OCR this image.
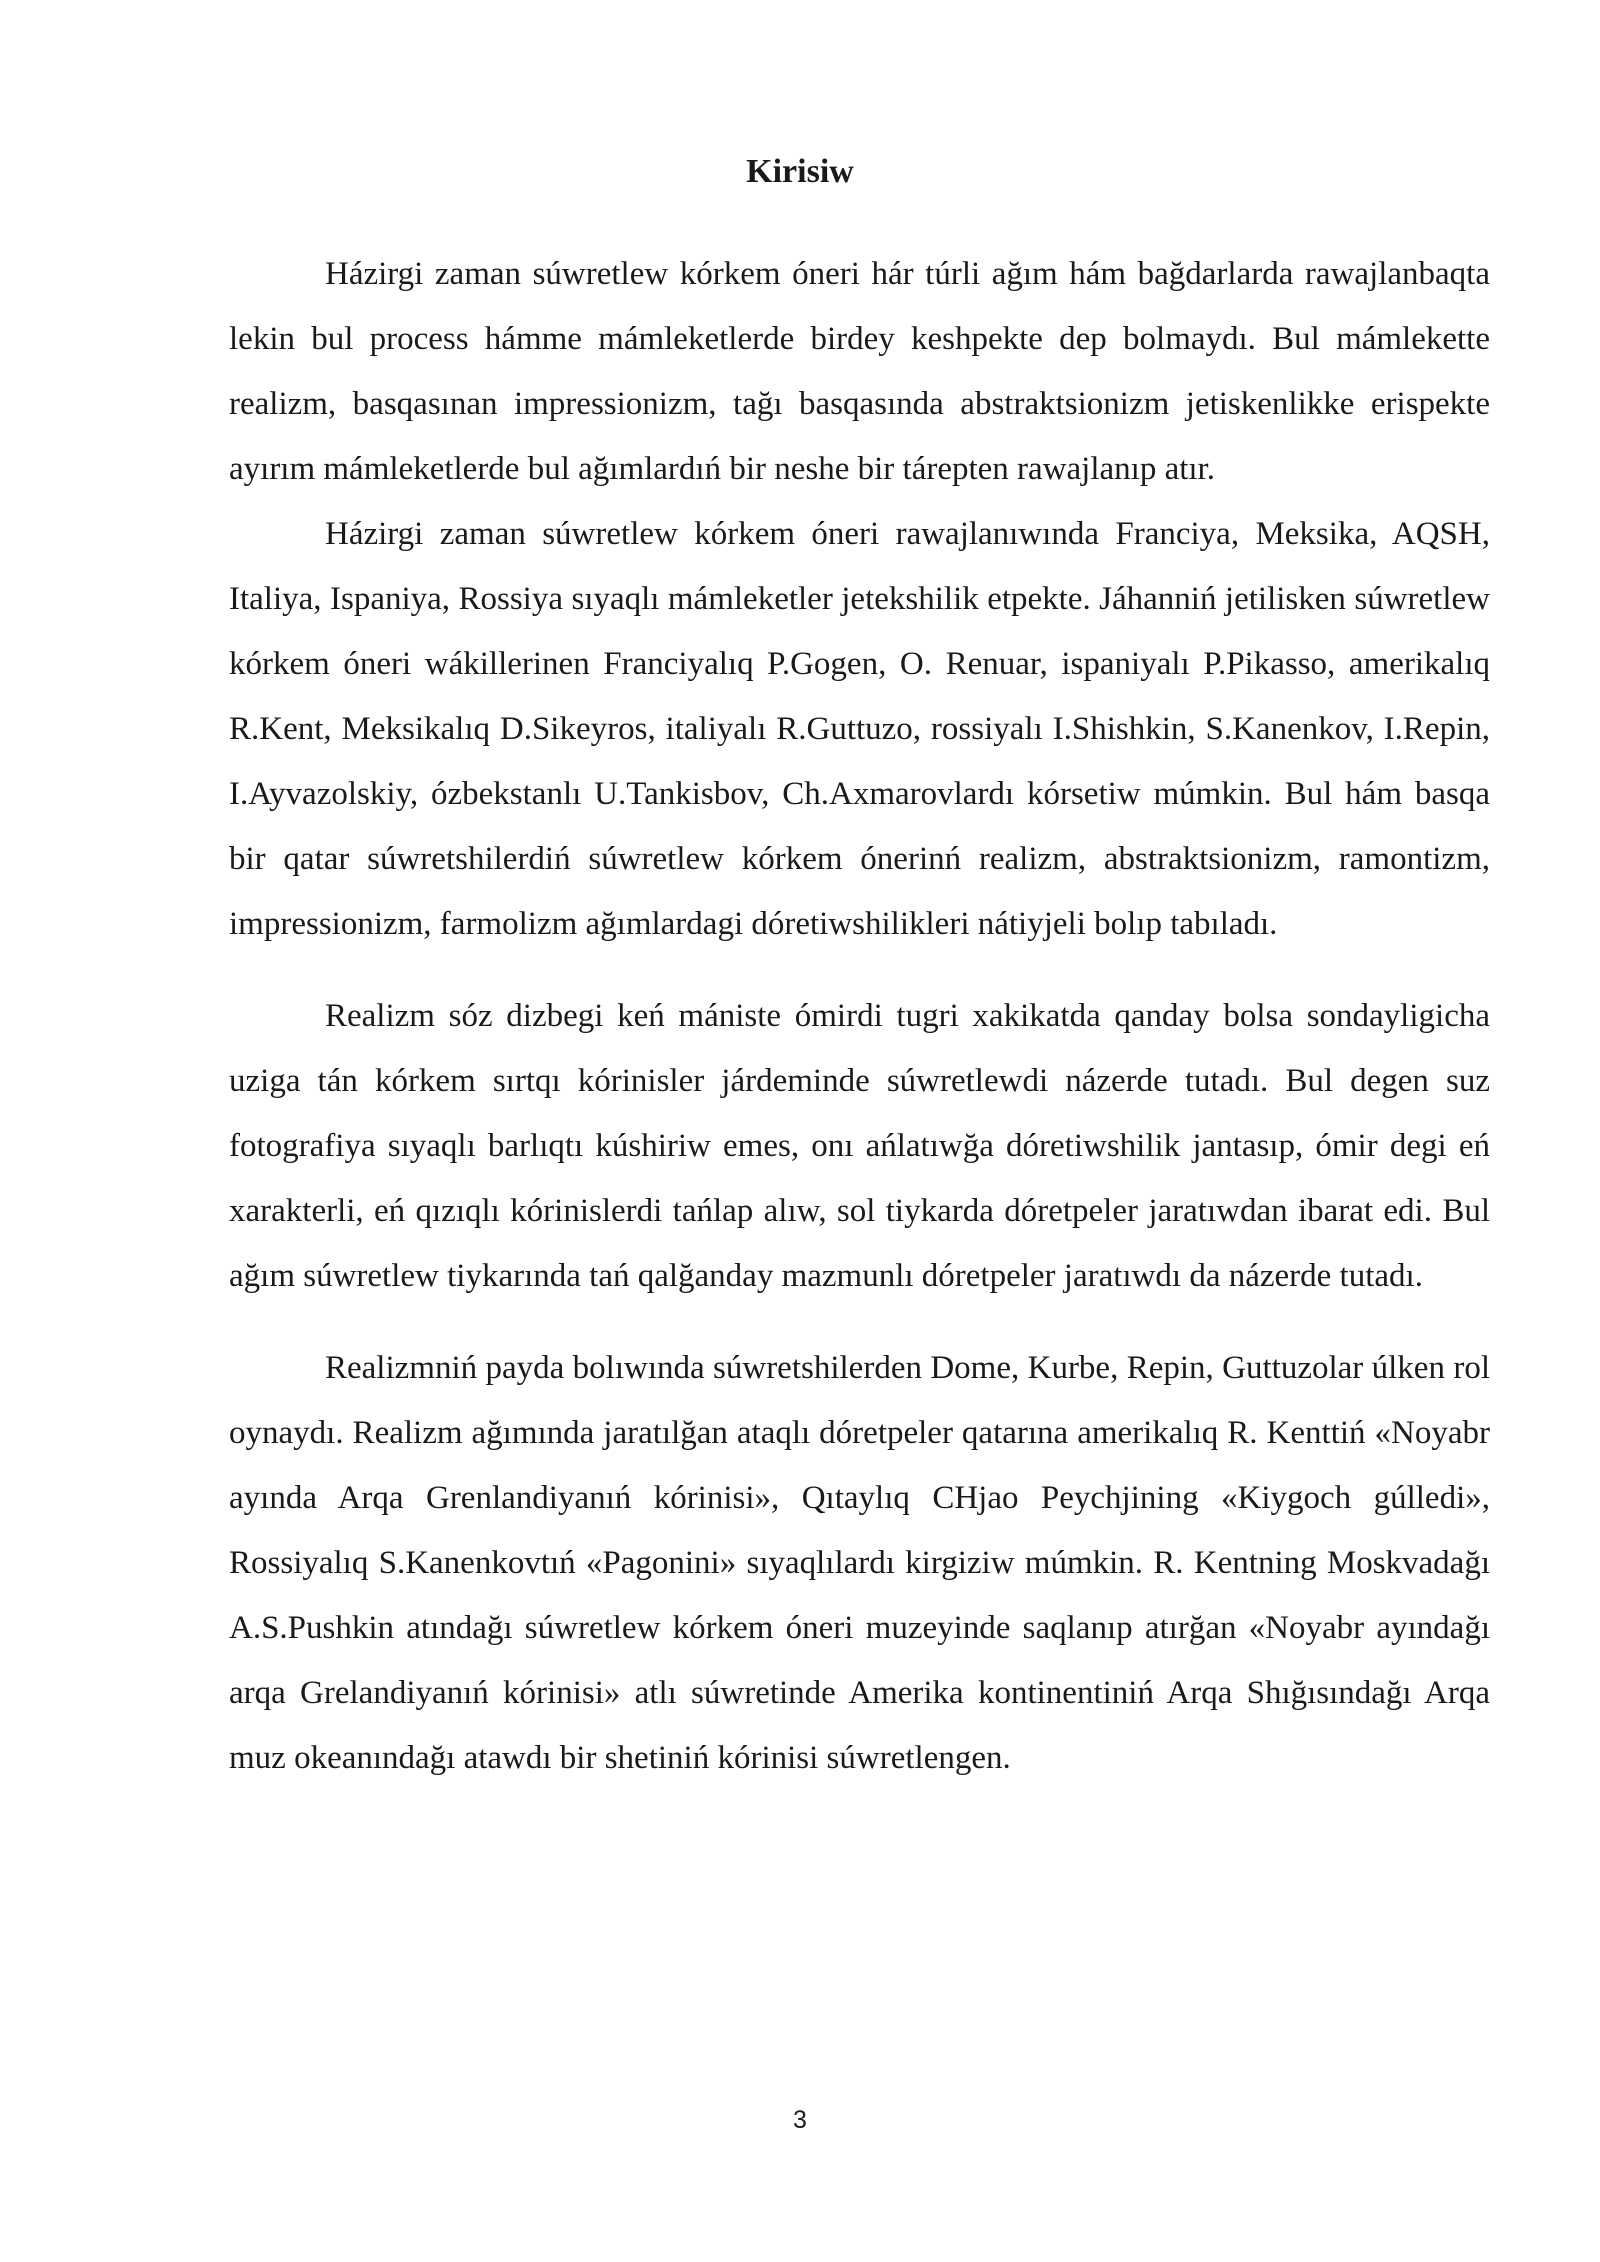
Kirisiw

Házirgi zaman súwretlew kórkem óneri hár túrli ağım hám bağdarlarda rawajlanbaqta lekin bul process hámme mámleketlerde birdey keshpekte dep bolmaydı. Bul mámlekette realizm, basqasınan impressionizm, tağı basqasında abstraktsionizm jetiskenlikke erispekte ayırım mámleketlerde bul ağımlardıń bir neshe bir tárepten rawajlanıp atır.

Házirgi zaman súwretlew kórkem óneri rawajlanıwında Franciya, Meksika, AQSH, Italiya, Ispaniya, Rossiya sıyaqlı mámleketler jetekshilik etpekte. Jáhanniń jetilisken súwretlew kórkem óneri wákillerinen Franciyalıq P.Gogen, O. Renuar, ispaniyalı P.Pikasso, amerikalıq R.Kent, Meksikalıq D.Sikeyros, italiyalı R.Guttuzo, rossiyalı I.Shishkin, S.Kanenkov, I.Repin, I.Ayvazolskiy, ózbekstanlı U.Tankisbov, Ch.Axmarovlardı kórsetiw múmkin. Bul hám basqa bir qatar súwretshilerdiń súwretlew kórkem ónerinń realizm, abstraktsionizm, ramontizm, impressionizm, farmolizm ağımlardagi dóretiwshilikleri nátiyjeli bolıp tabıladı.

Realizm sóz dizbegi keń mániste ómirdi tugri xakikatda qanday bolsa sondayligicha uziga tán kórkem sırtqı kórinisler járdeminde súwretlewdi názerde tutadı. Bul degen suz fotografiya sıyaqlı barlıqtı kúshiriw emes, onı ańlatıwğa dóretiwshilik jantasıp, ómir degi eń xarakterli, eń qızıqlı kórinislerdi tańlap alıw, sol tiykarda dóretpeler jaratıwdan ibarat edi. Bul ağım súwretlew tiykarında tań qalğanday mazmunlı dóretpeler jaratıwdı da názerde tutadı.

Realizmniń payda bolıwında súwretshilerden Dome, Kurbe, Repin, Guttuzolar úlken rol oynaydı. Realizm ağımında jaratılğan ataqlı dóretpeler qatarına amerikalıq R. Kenttiń «Noyabr ayında Arqa Grenlandiyanıń kórinisi», Qıtaylıq CHjao Peychjining «Kiygoch gúlledi», Rossiyalıq S.Kanenkovtıń «Pagonini» sıyaqlılardı kirgiziw múmkin. R. Kentning Moskvadağı A.S.Pushkin atındağı súwretlew kórkem óneri muzeyinde saqlanıp atırğan «Noyabr ayındağı arqa Grelandiyanıń kórinisi» atlı súwretinde Amerika kontinentiniń Arqa Shığısındağı Arqa muz okeanındağı atawdı bir shetiniń kórinisi súwretlengen.

3
